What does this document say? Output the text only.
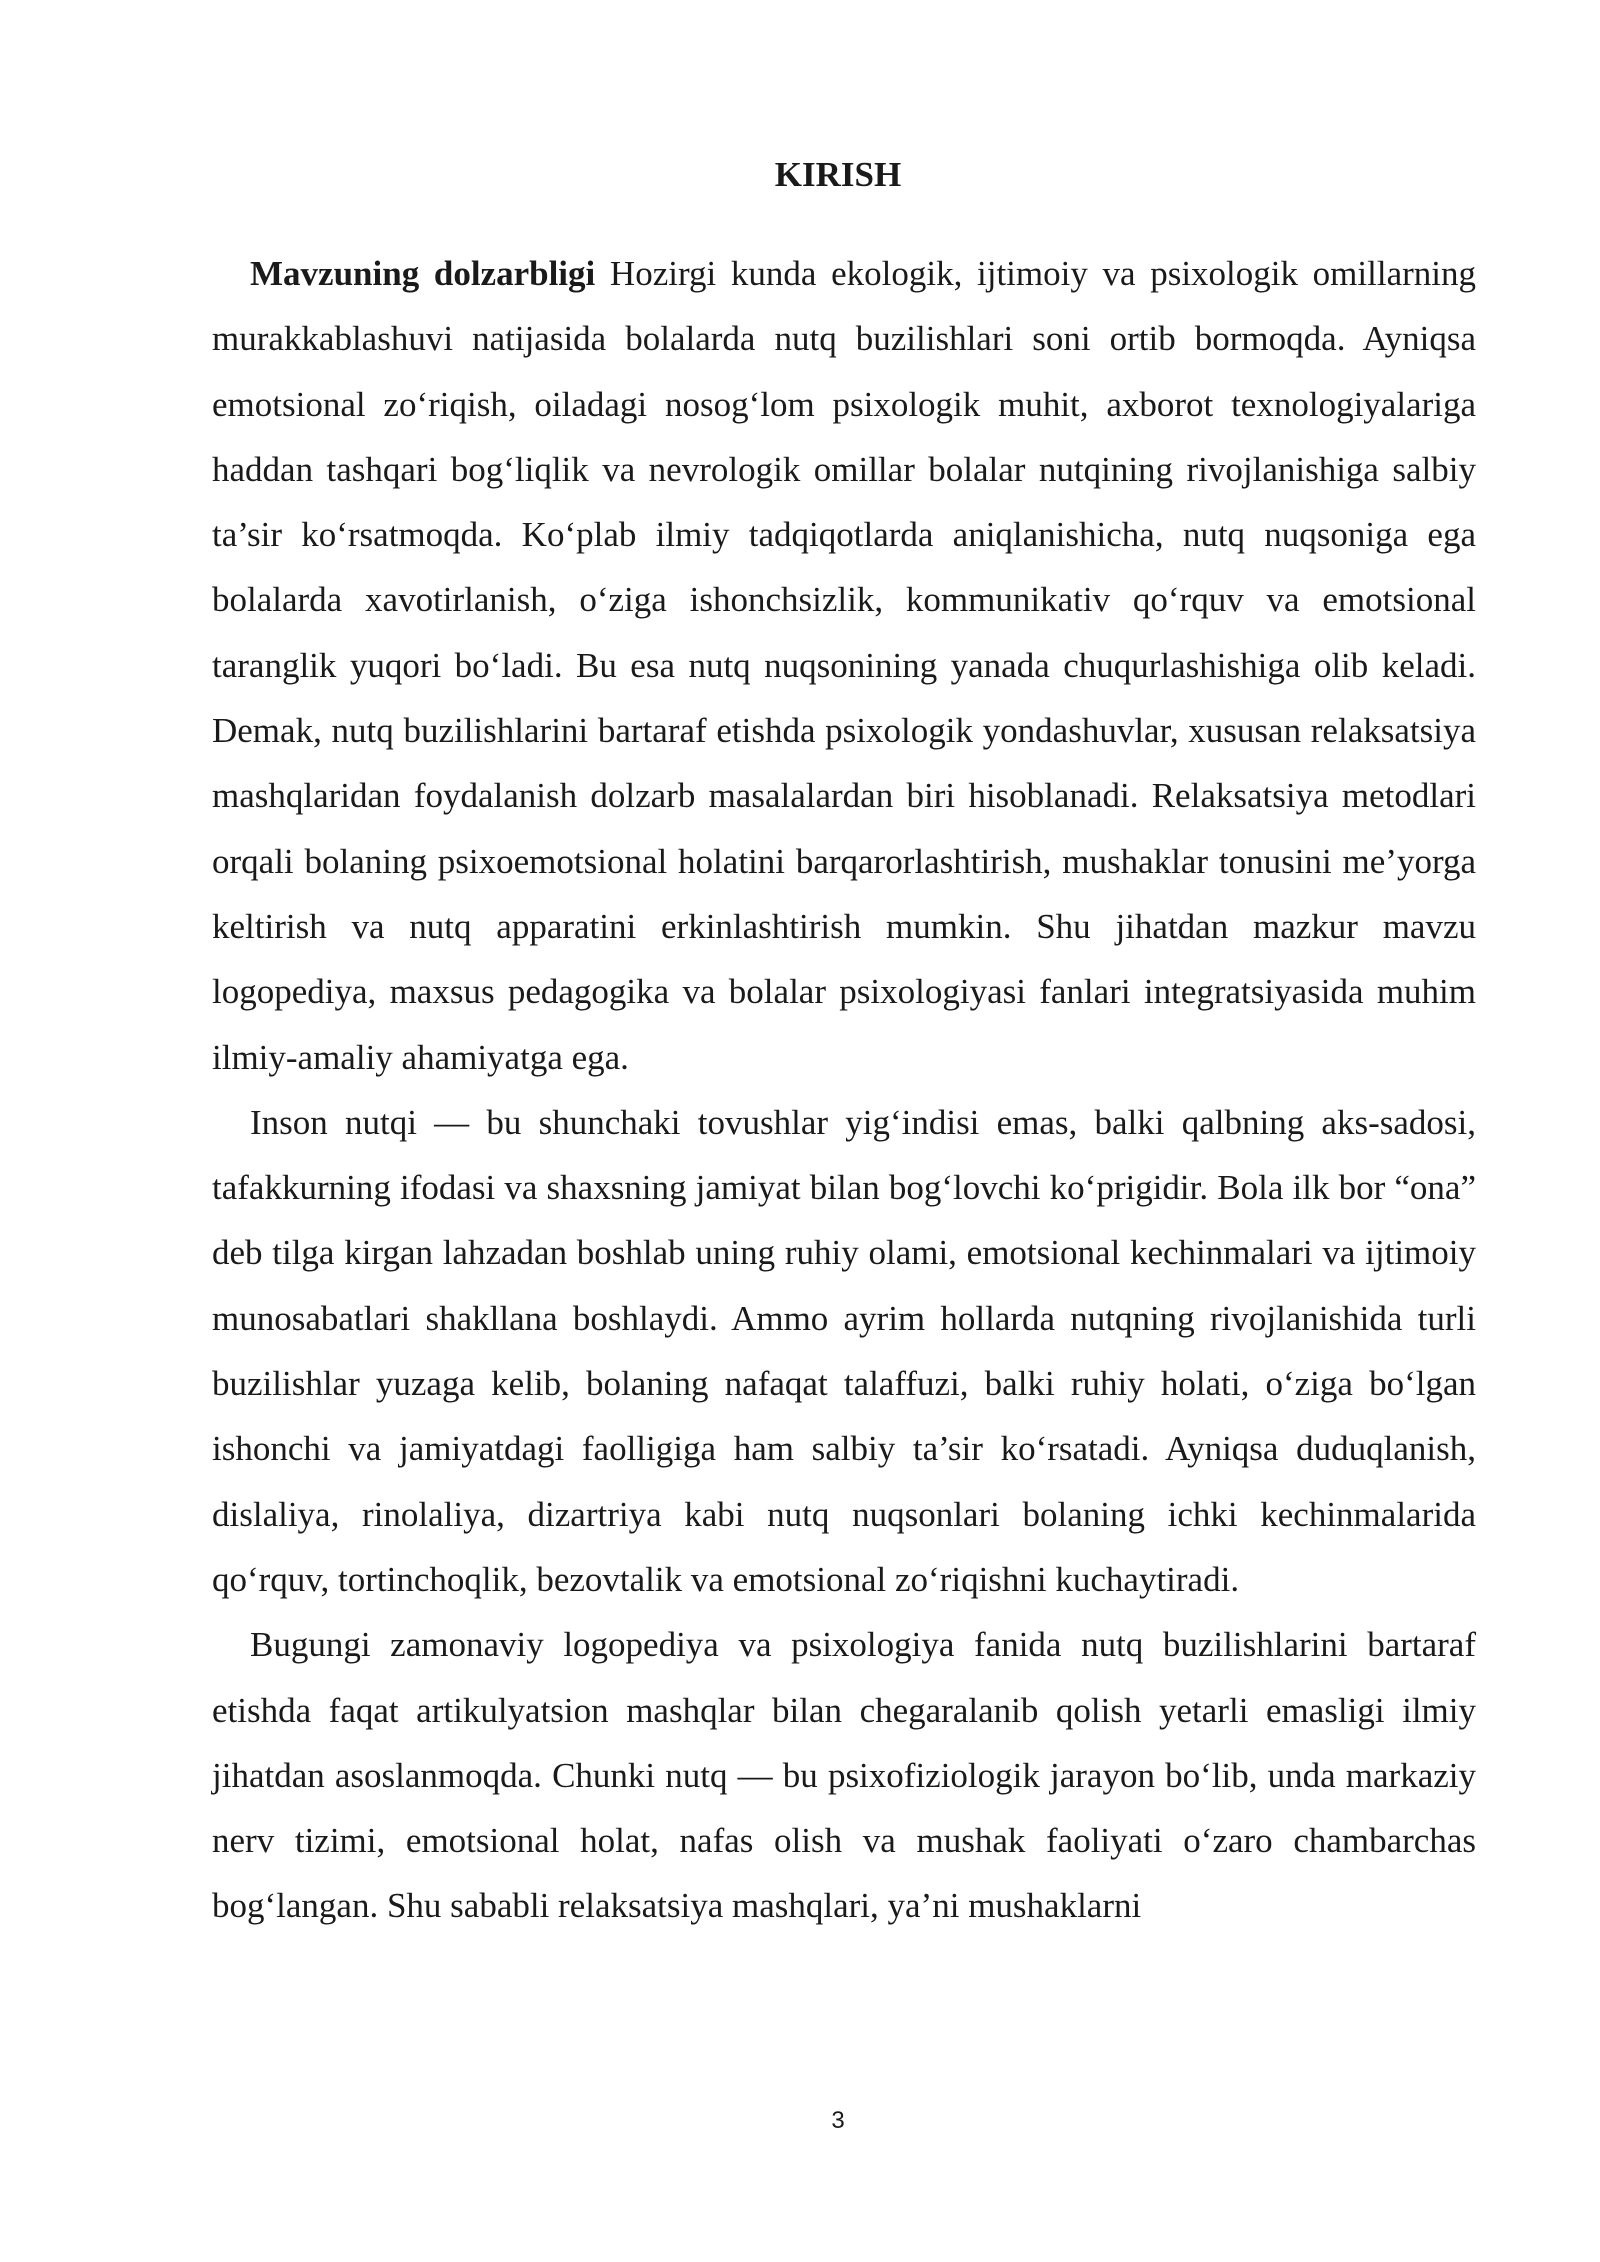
KIRISH

Mavzuning dolzarbligi Hozirgi kunda ekologik, ijtimoiy va psixologik omillarning murakkablashuvi natijasida bolalarda nutq buzilishlari soni ortib bormoqda. Ayniqsa emotsional zo‘riqish, oiladagi nosog‘lom psixologik muhit, axborot texnologiyalariga haddan tashqari bog‘liqlik va nevrologik omillar bolalar nutqining rivojlanishiga salbiy ta’sir ko‘rsatmoqda. Ko‘plab ilmiy tadqiqotlarda aniqlanishicha, nutq nuqsoniga ega bolalarda xavotirlanish, o‘ziga ishonchsizlik, kommunikativ qo‘rquv va emotsional taranglik yuqori bo‘ladi. Bu esa nutq nuqsonining yanada chuqurlashishiga olib keladi. Demak, nutq buzilishlarini bartaraf etishda psixologik yondashuvlar, xususan relaksatsiya mashqlaridan foydalanish dolzarb masalalardan biri hisoblanadi. Relaksatsiya metodlari orqali bolaning psixoemotsional holatini barqarorlashtirish, mushaklar tonusini me’yorga keltirish va nutq apparatini erkinlashtirish mumkin. Shu jihatdan mazkur mavzu logopediya, maxsus pedagogika va bolalar psixologiyasi fanlari integratsiyasida muhim ilmiy-amaliy ahamiyatga ega.

Inson nutqi — bu shunchaki tovushlar yig‘indisi emas, balki qalbning aks-sadosi, tafakkurning ifodasi va shaxsning jamiyat bilan bog‘lovchi ko‘prigidir. Bola ilk bor “ona” deb tilga kirgan lahzadan boshlab uning ruhiy olami, emotsional kechinmalari va ijtimoiy munosabatlari shakllana boshlaydi. Ammo ayrim hollarda nutqning rivojlanishida turli buzilishlar yuzaga kelib, bolaning nafaqat talaffuzi, balki ruhiy holati, o‘ziga bo‘lgan ishonchi va jamiyatdagi faolligiga ham salbiy ta’sir ko‘rsatadi. Ayniqsa duduqlanish, dislaliya, rinolaliya, dizartriya kabi nutq nuqsonlari bolaning ichki kechinmalarida qo‘rquv, tortinchoqlik, bezovtalik va emotsional zo‘riqishni kuchaytiradi.

Bugungi zamonaviy logopediya va psixologiya fanida nutq buzilishlarini bartaraf etishda faqat artikulyatsion mashqlar bilan chegaralanib qolish yetarli emasligi ilmiy jihatdan asoslanmoqda. Chunki nutq — bu psixofiziologik jarayon bo‘lib, unda markaziy nerv tizimi, emotsional holat, nafas olish va mushak faoliyati o‘zaro chambarchas bog‘langan. Shu sababli relaksatsiya mashqlari, ya’ni mushaklarni

3
